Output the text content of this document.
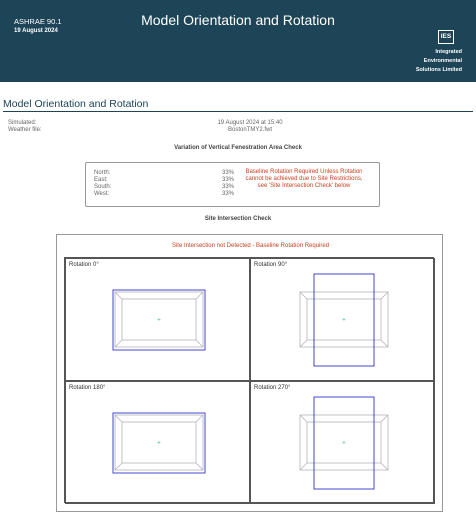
ASHRAE 90.1
19 August 2024
Model Orientation and Rotation
IES
Integrated
Environmental
Solutions Limited
Model Orientation and Rotation
Simulated:	19 August 2024 at 15:40
Weather file:	BostonTMY2.fwt
Variation of Vertical Fenestration Area Check
North:	33%
East:	33%
South:	33%
West:	33%
Baseline Rotation Required Unless Rotation
cannot be achieved due to Site Restrictions,
see 'Site Intersection Check' below
Site Intersection Check
Site Intersection not Detected - Baseline Rotation Required
Rotation 0°
+
Rotation 90°
+
Rotation 180°
+
Rotation 270°
+
